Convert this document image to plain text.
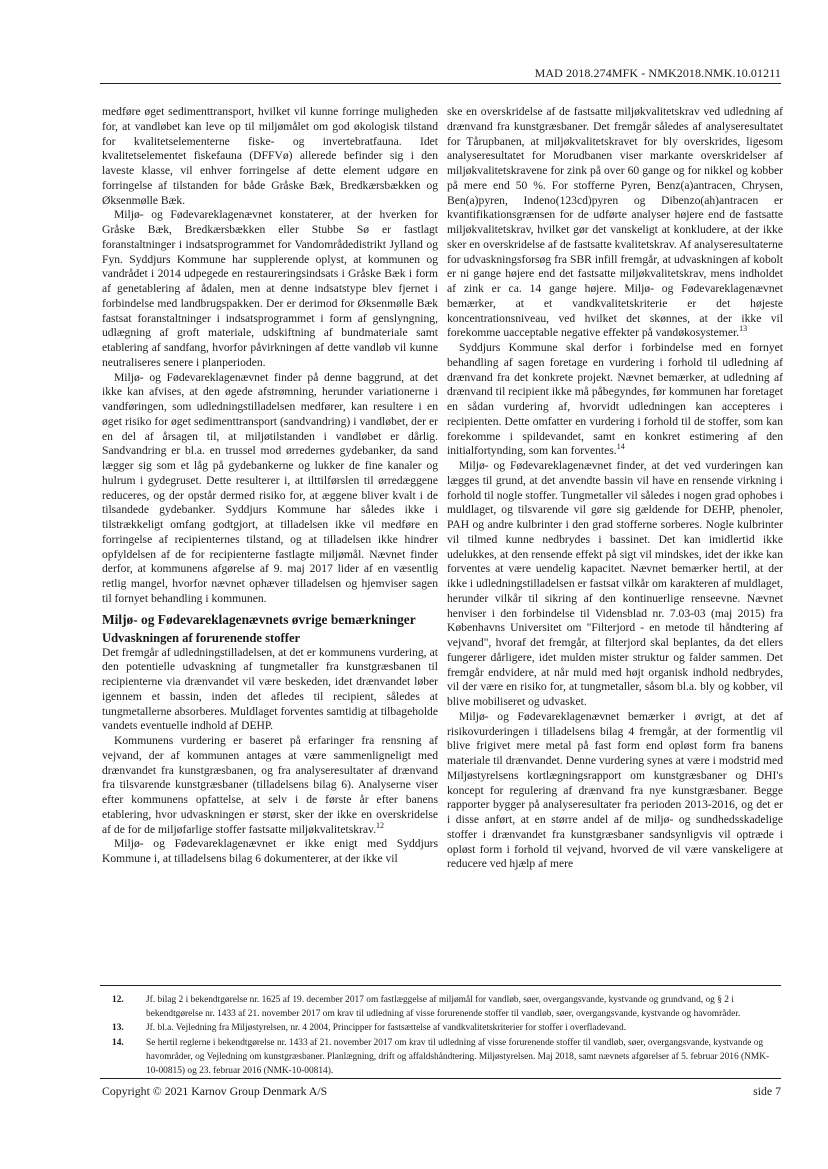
MAD 2018.274MFK - NMK2018.NMK.10.01211

medføre øget sedimenttransport, hvilket vil kunne forringe muligheden for, at vandløbet kan leve op til miljømålet om god økologisk tilstand for kvalitetselementerne fiske- og invertebratfauna. Idet kvalitetselementet fiskefauna (DFFVø) allerede befinder sig i den laveste klasse, vil enhver forringelse af dette element udgøre en forringelse af tilstanden for både Gråske Bæk, Bredkærsbækken og Øksenmølle Bæk.

Miljø- og Fødevareklagenævnet konstaterer, at der hverken for Gråske Bæk, Bredkærsbækken eller Stubbe Sø er fastlagt foranstaltninger i indsatsprogrammet for Vandområdedistrikt Jylland og Fyn. Syddjurs Kommune har supplerende oplyst, at kommunen og vandrådet i 2014 udpegede en restaureringsindsats i Gråske Bæk i form af genetablering af ådalen, men at denne indsatstype blev fjernet i forbindelse med landbrugspakken. Der er derimod for Øksenmølle Bæk fastsat foranstaltninger i indsatsprogrammet i form af genslyngning, udlægning af groft materiale, udskiftning af bundmateriale samt etablering af sandfang, hvorfor påvirkningen af dette vandløb vil kunne neutraliseres senere i planperioden.

Miljø- og Fødevareklagenævnet finder på denne baggrund, at det ikke kan afvises, at den øgede afstrømning, herunder variationerne i vandføringen, som udledningstilladelsen medfører, kan resultere i en øget risiko for øget sedimenttransport (sandvandring) i vandløbet, der er en del af årsagen til, at miljøtilstanden i vandløbet er dårlig. Sandvandring er bl.a. en trussel mod ørredernes gydebanker, da sand lægger sig som et låg på gydebankerne og lukker de fine kanaler og hulrum i gydegruset. Dette resulterer i, at ilttilførslen til ørredæggene reduceres, og der opstår dermed risiko for, at æggene bliver kvalt i de tilsandede gydebanker. Syddjurs Kommune har således ikke i tilstrækkeligt omfang godtgjort, at tilladelsen ikke vil medføre en forringelse af recipienternes tilstand, og at tilladelsen ikke hindrer opfyldelsen af de for recipienterne fastlagte miljømål. Nævnet finder derfor, at kommunens afgørelse af 9. maj 2017 lider af en væsentlig retlig mangel, hvorfor nævnet ophæver tilladelsen og hjemviser sagen til fornyet behandling i kommunen.

Miljø- og Fødevareklagenævnets øvrige bemærkninger
Udvaskningen af forurenende stoffer

Det fremgår af udledningstilladelsen, at det er kommunens vurdering, at den potentielle udvaskning af tungmetaller fra kunstgræsbanen til recipienterne via drænvandet vil være beskeden, idet drænvandet løber igennem et bassin, inden det afledes til recipient, således at tungmetallerne absorberes. Muldlaget forventes samtidig at tilbageholde vandets eventuelle indhold af DEHP.

Kommunens vurdering er baseret på erfaringer fra rensning af vejvand, der af kommunen antages at være sammenligneligt med drænvandet fra kunstgræsbanen, og fra analyseresultater af drænvand fra tilsvarende kunstgræsbaner (tilladelsens bilag 6). Analyserne viser efter kommunens opfattelse, at selv i de første år efter banens etablering, hvor udvaskningen er størst, sker der ikke en overskridelse af de for de miljøfarlige stoffer fastsatte miljøkvalitetskrav.$^{12}$

Miljø- og Fødevareklagenævnet er ikke enigt med Syddjurs Kommune i, at tilladelsens bilag 6 dokumenterer, at der ikke vil

ske en overskridelse af de fastsatte miljøkvalitetskrav ved udledning af drænvand fra kunstgræsbaner. Det fremgår således af analyseresultatet for Tårupbanen, at miljøkvalitetskravet for bly overskrides, ligesom analyseresultatet for Morudbanen viser markante overskridelser af miljøkvalitetskravene for zink på over 60 gange og for nikkel og kobber på mere end 50 %. For stofferne Pyren, Benz(a)antracen, Chrysen, Ben(a)pyren, Indeno(123cd)pyren og Dibenzo(ah)antracen er kvantifikationsgrænsen for de udførte analyser højere end de fastsatte miljøkvalitetskrav, hvilket gør det vanskeligt at konkludere, at der ikke sker en overskridelse af de fastsatte kvalitetskrav. Af analyseresultaterne for udvaskningsforsøg fra SBR infill fremgår, at udvaskningen af kobolt er ni gange højere end det fastsatte miljøkvalitetskrav, mens indholdet af zink er ca. 14 gange højere. Miljø- og Fødevareklagenævnet bemærker, at et vandkvalitetskriterie er det højeste koncentrationsniveau, ved hvilket det skønnes, at der ikke vil forekomme uacceptable negative effekter på vandøkosystemer.$^{13}$

Syddjurs Kommune skal derfor i forbindelse med en fornyet behandling af sagen foretage en vurdering i forhold til udledning af drænvand fra det konkrete projekt. Nævnet bemærker, at udledning af drænvand til recipient ikke må påbegyndes, før kommunen har foretaget en sådan vurdering af, hvorvidt udledningen kan accepteres i recipienten. Dette omfatter en vurdering i forhold til de stoffer, som kan forekomme i spildevandet, samt en konkret estimering af den initialfortynding, som kan forventes.$^{14}$

Miljø- og Fødevareklagenævnet finder, at det ved vurderingen kan lægges til grund, at det anvendte bassin vil have en rensende virkning i forhold til nogle stoffer. Tungmetaller vil således i nogen grad ophobes i muldlaget, og tilsvarende vil gøre sig gældende for DEHP, phenoler, PAH og andre kulbrinter i den grad stofferne sorberes. Nogle kulbrinter vil tilmed kunne nedbrydes i bassinet. Det kan imidlertid ikke udelukkes, at den rensende effekt på sigt vil mindskes, idet der ikke kan forventes at være uendelig kapacitet. Nævnet bemærker hertil, at der ikke i udledningstilladelsen er fastsat vilkår om karakteren af muldlaget, herunder vilkår til sikring af den kontinuerlige renseevne. Nævnet henviser i den forbindelse til Vidensblad nr. 7.03-03 (maj 2015) fra Københavns Universitet om "Filterjord - en metode til håndtering af vejvand", hvoraf det fremgår, at filterjord skal beplantes, da det ellers fungerer dårligere, idet mulden mister struktur og falder sammen. Det fremgår endvidere, at når muld med højt organisk indhold nedbrydes, vil der være en risiko for, at tungmetaller, såsom bl.a. bly og kobber, vil blive mobiliseret og udvasket.

Miljø- og Fødevareklagenævnet bemærker i øvrigt, at det af risikovurderingen i tilladelsens bilag 4 fremgår, at der formentlig vil blive frigivet mere metal på fast form end opløst form fra banens materiale til drænvandet. Denne vurdering synes at være i modstrid med Miljøstyrelsens kortlægningsrapport om kunstgræsbaner og DHI's koncept for regulering af drænvand fra nye kunstgræsbaner. Begge rapporter bygger på analyseresultater fra perioden 2013-2016, og det er i disse anført, at en større andel af de miljø- og sundhedsskadelige stoffer i drænvandet fra kunstgræsbaner sandsynligvis vil optræde i opløst form i forhold til vejvand, hvorved de vil være vanskeligere at reducere ved hjælp af mere

12.	Jf. bilag 2 i bekendtgørelse nr. 1625 af 19. december 2017 om fastlæggelse af miljømål for vandløb, søer, overgangsvande, kystvande og grundvand, og § 2 i bekendtgørelse nr. 1433 af 21. november 2017 om krav til udledning af visse forurenende stoffer til vandløb, søer, overgangsvande, kystvande og havområder.
13.	Jf. bl.a. Vejledning fra Miljøstyrelsen, nr. 4 2004, Principper for fastsættelse af vandkvalitetskriterier for stoffer i overfladevand.
14.	Se hertil reglerne i bekendtgørelse nr. 1433 af 21. november 2017 om krav til udledning af visse forurenende stoffer til vandløb, søer, overgangsvande, kystvande og havområder, og Vejledning om kunstgræsbaner. Planlægning, drift og affaldshåndtering. Miljøstyrelsen. Maj 2018, samt nævnets afgørelser af 5. februar 2016 (NMK-10-00815) og 23. februar 2016 (NMK-10-00814).
Copyright © 2021 Karnov Group Denmark A/S	side 7
